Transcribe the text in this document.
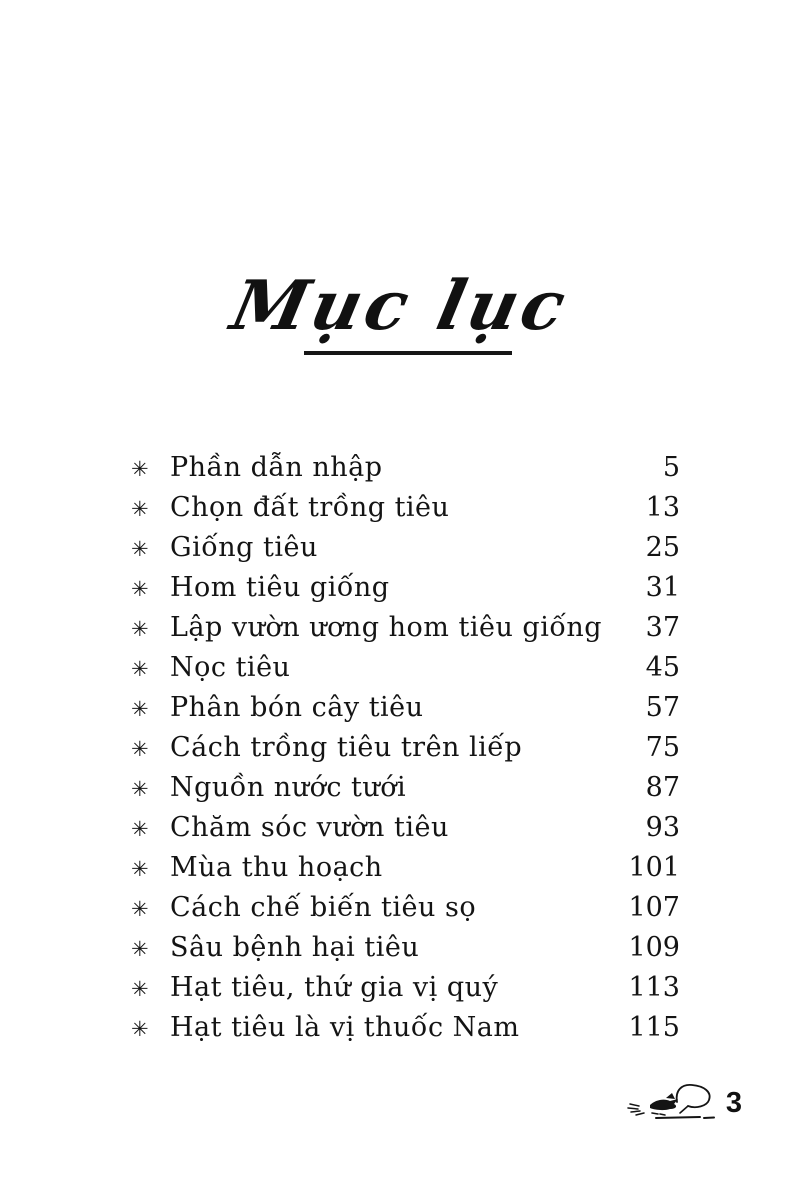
Mục lục
✳ Phần dẫn nhập	5
✳ Chọn đất trồng tiêu	13
✳ Giống tiêu	25
✳ Hom tiêu giống	31
✳ Lập vườn ương hom tiêu giống	37
✳ Nọc tiêu	45
✳ Phân bón cây tiêu	57
✳ Cách trồng tiêu trên liếp	75
✳ Nguồn nước tưới	87
✳ Chăm sóc vườn tiêu	93
✳ Mùa thu hoạch	101
✳ Cách chế biến tiêu sọ	107
✳ Sâu bệnh hại tiêu	109
✳ Hạt tiêu, thứ gia vị quý	113
✳ Hạt tiêu là vị thuốc Nam	115
3
